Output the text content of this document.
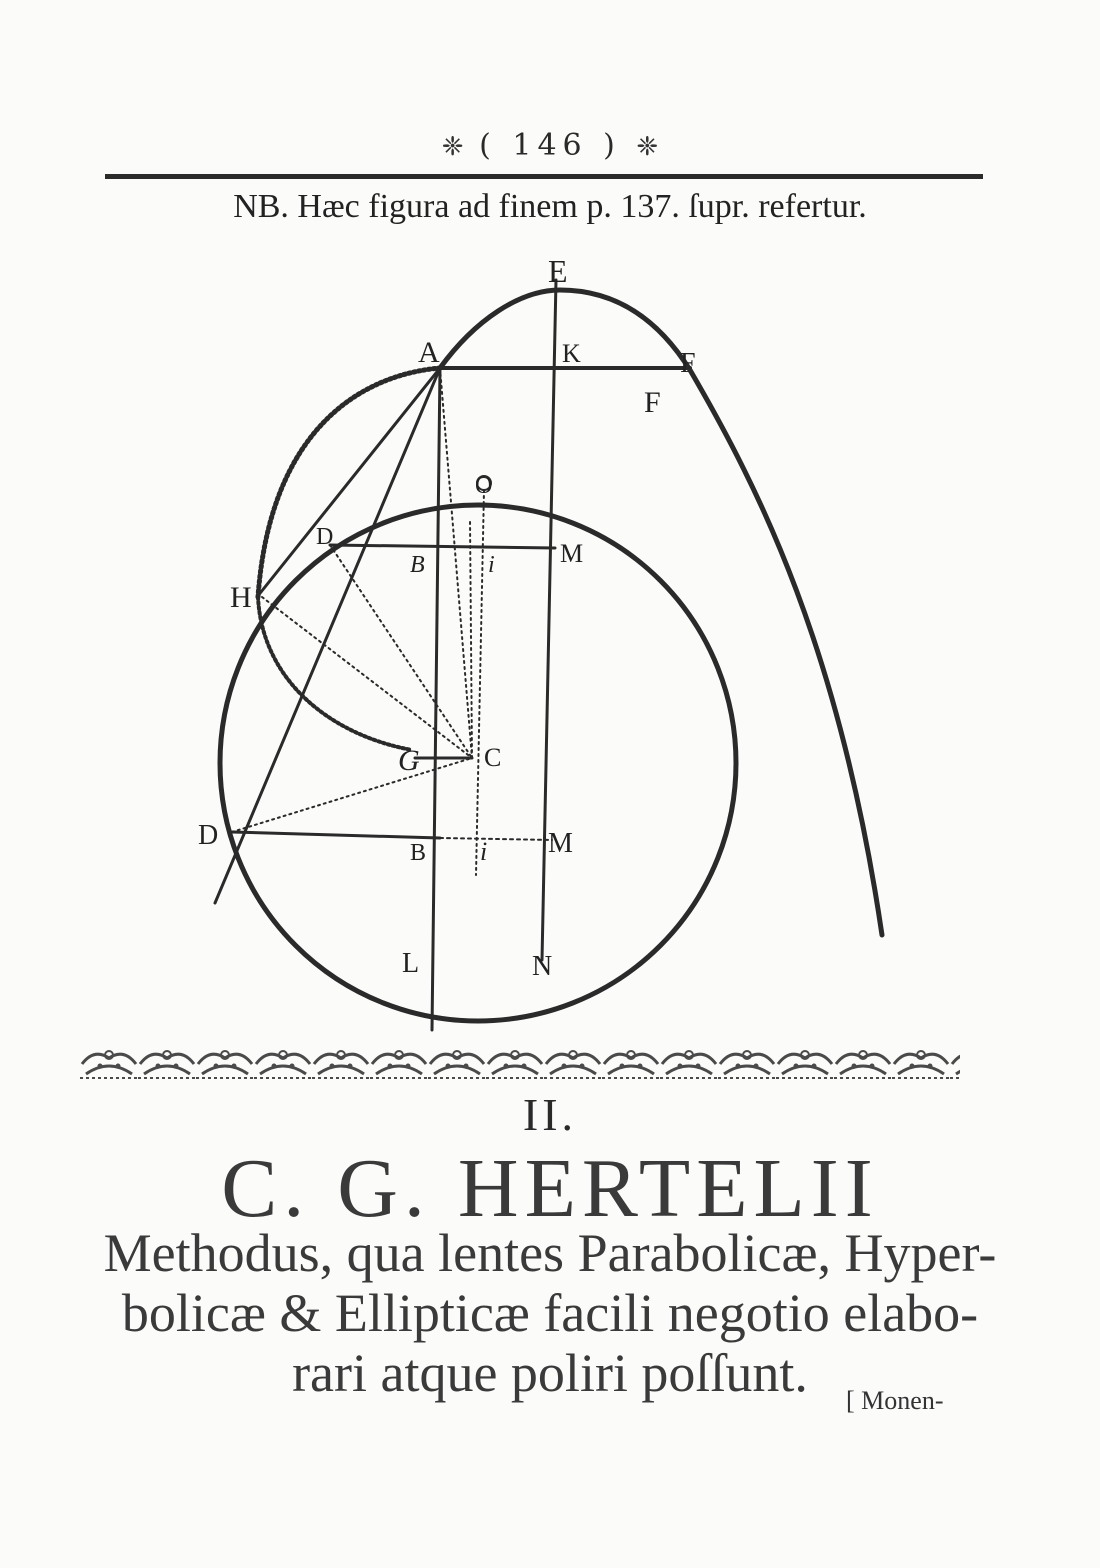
❈ ( 146 ) ❈
NB. Hæc figura ad finem p. 137. ſupr. refertur.
E
A	K	F
F
O
D
B	i	M
H
G C
D
B i M
L	N
II.
C. G. HERTELII
Methodus, qua lentes Parabolicæ, Hyper-
bolicæ & Ellipticæ facili negotio elabo-
rari atque poliri poſſunt.	[ Monen-
